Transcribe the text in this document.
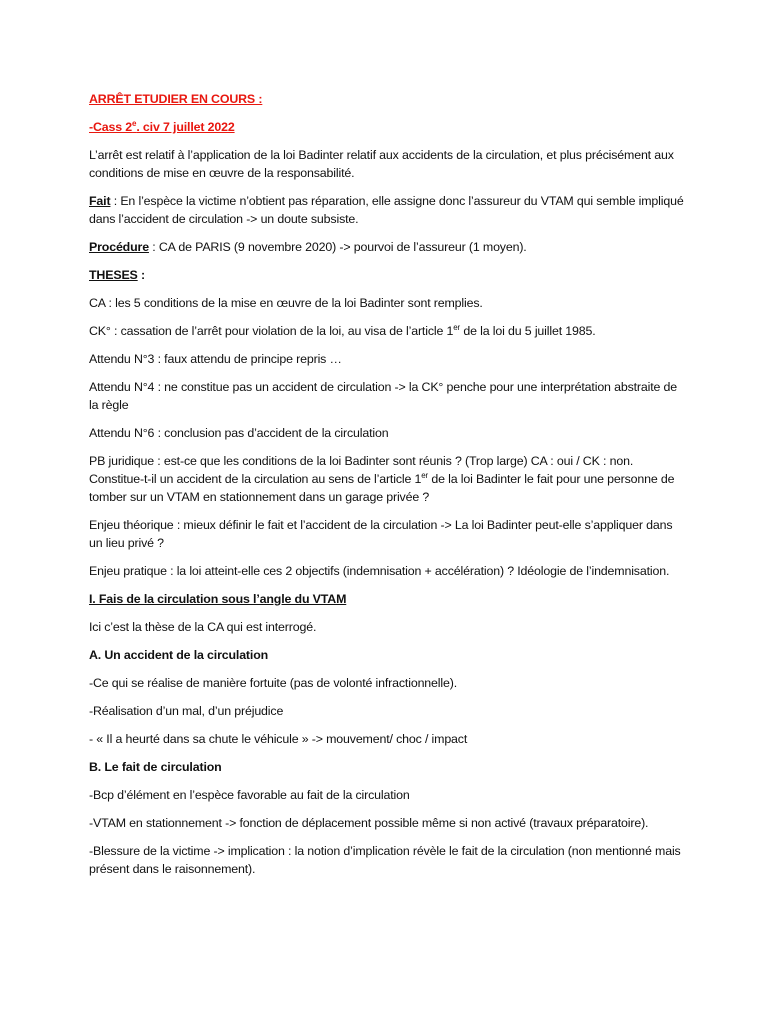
ARRÊT ETUDIER EN COURS :

-Cass 2e. civ 7 juillet 2022

L’arrêt est relatif à l’application de la loi Badinter relatif aux accidents de la circulation, et plus précisément aux conditions de mise en œuvre de la responsabilité.

Fait : En l’espèce la victime n’obtient pas réparation, elle assigne donc l’assureur du VTAM qui semble impliqué dans l’accident de circulation -> un doute subsiste.

Procédure : CA de PARIS (9 novembre 2020) -> pourvoi de l’assureur (1 moyen).

THESES :

CA : les 5 conditions de la mise en œuvre de la loi Badinter sont remplies.

CK° : cassation de l’arrêt pour violation de la loi, au visa de l’article 1er de la loi du 5 juillet 1985.

Attendu N°3 : faux attendu de principe repris …

Attendu N°4 : ne constitue pas un accident de circulation -> la CK° penche pour une interprétation abstraite de la règle

Attendu N°6 : conclusion pas d’accident de la circulation

PB juridique : est-ce que les conditions de la loi Badinter sont réunis ? (Trop large) CA : oui / CK : non. Constitue-t-il un accident de la circulation au sens de l’article 1er de la loi Badinter le fait pour une personne de tomber sur un VTAM en stationnement dans un garage privée ?

Enjeu théorique : mieux définir le fait et l’accident de la circulation -> La loi Badinter peut-elle s’appliquer dans un lieu privé ?

Enjeu pratique : la loi atteint-elle ces 2 objectifs (indemnisation + accélération) ? Idéologie de l’indemnisation.

I. Fais de la circulation sous l’angle du VTAM

Ici c’est la thèse de la CA qui est interrogé.

A. Un accident de la circulation

-Ce qui se réalise de manière fortuite (pas de volonté infractionnelle).

-Réalisation d’un mal, d’un préjudice

- « Il a heurté dans sa chute le véhicule » -> mouvement/ choc / impact

B. Le fait de circulation

-Bcp d’élément en l’espèce favorable au fait de la circulation

-VTAM en stationnement -> fonction de déplacement possible même si non activé (travaux préparatoire).

-Blessure de la victime -> implication : la notion d’implication révèle le fait de la circulation (non mentionné mais présent dans le raisonnement).
